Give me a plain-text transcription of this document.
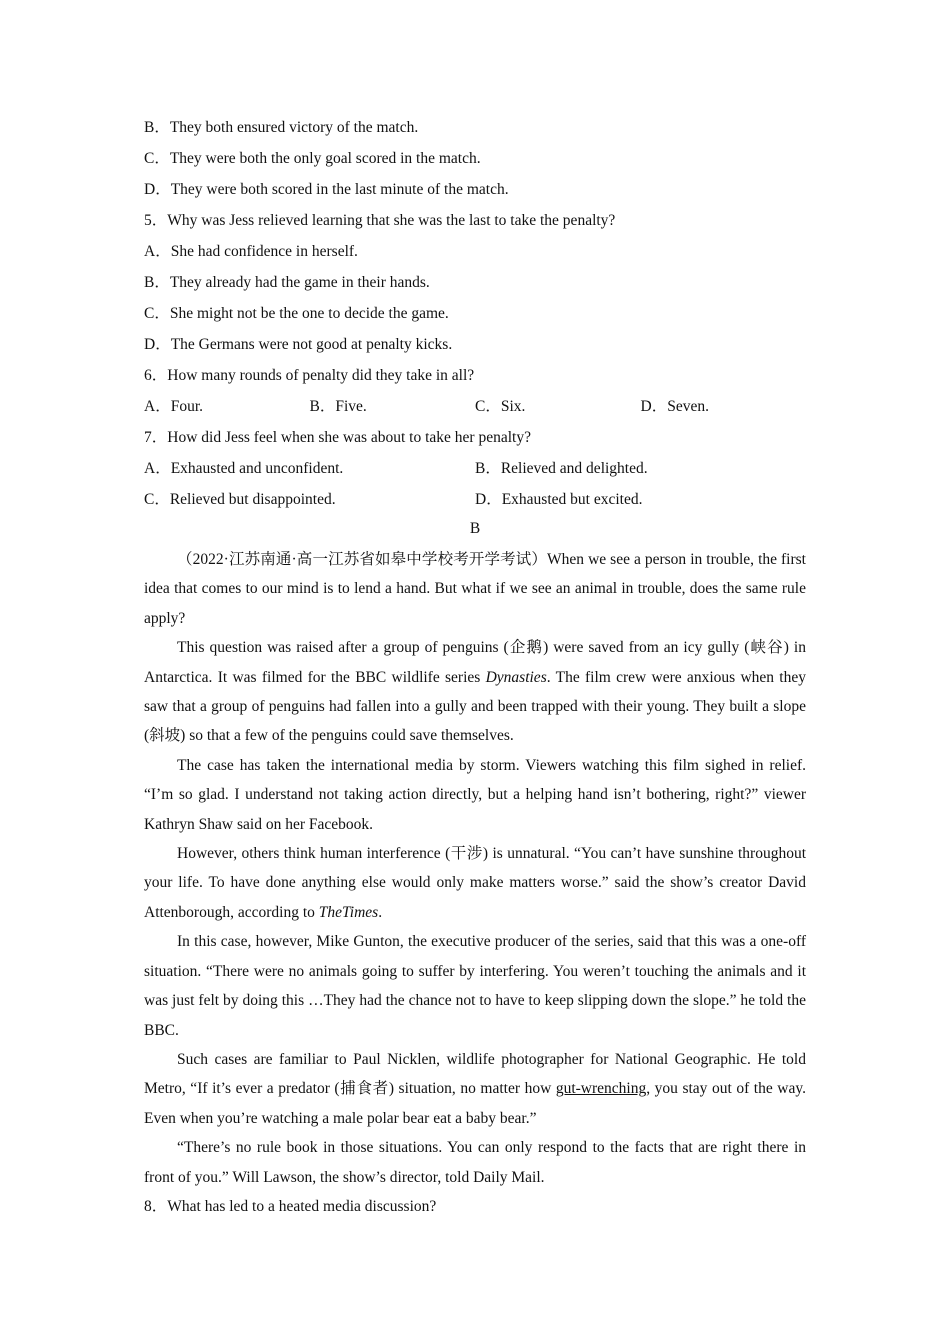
B．They both ensured victory of the match.
C．They were both the only goal scored in the match.
D．They were both scored in the last minute of the match.
5．Why was Jess relieved learning that she was the last to take the penalty?
A．She had confidence in herself.
B．They already had the game in their hands.
C．She might not be the one to decide the game.
D．The Germans were not good at penalty kicks.
6．How many rounds of penalty did they take in all?
A．Four.	B．Five.	C．Six.	D．Seven.
7．How did Jess feel when she was about to take her penalty?
A．Exhausted and unconfident.	B．Relieved and delighted.
C．Relieved but disappointed.	D．Exhausted but excited.
B

（2022·江苏南通·高一江苏省如皋中学校考开学考试）When we see a person in trouble, the first idea that comes to our mind is to lend a hand. But what if we see an animal in trouble, does the same rule apply?

This question was raised after a group of penguins (企鹅) were saved from an icy gully (峡谷) in Antarctica. It was filmed for the BBC wildlife series Dynasties. The film crew were anxious when they saw that a group of penguins had fallen into a gully and been trapped with their young. They built a slope (斜坡) so that a few of the penguins could save themselves.

The case has taken the international media by storm. Viewers watching this film sighed in relief. “I’m so glad. I understand not taking action directly, but a helping hand isn’t bothering, right?” viewer Kathryn Shaw said on her Facebook.

However, others think human interference (干涉) is unnatural. “You can’t have sunshine throughout your life. To have done anything else would only make matters worse.” said the show’s creator David Attenborough, according to TheTimes.

In this case, however, Mike Gunton, the executive producer of the series, said that this was a one-off situation. “There were no animals going to suffer by interfering. You weren’t touching the animals and it was just felt by doing this …They had the chance not to have to keep slipping down the slope.” he told the BBC.

Such cases are familiar to Paul Nicklen, wildlife photographer for National Geographic. He told Metro, “If it’s ever a predator (捕食者) situation, no matter how gut-wrenching, you stay out of the way. Even when you’re watching a male polar bear eat a baby bear.”

“There’s no rule book in those situations. You can only respond to the facts that are right there in front of you.” Will Lawson, the show’s director, told Daily Mail.

8．What has led to a heated media discussion?
